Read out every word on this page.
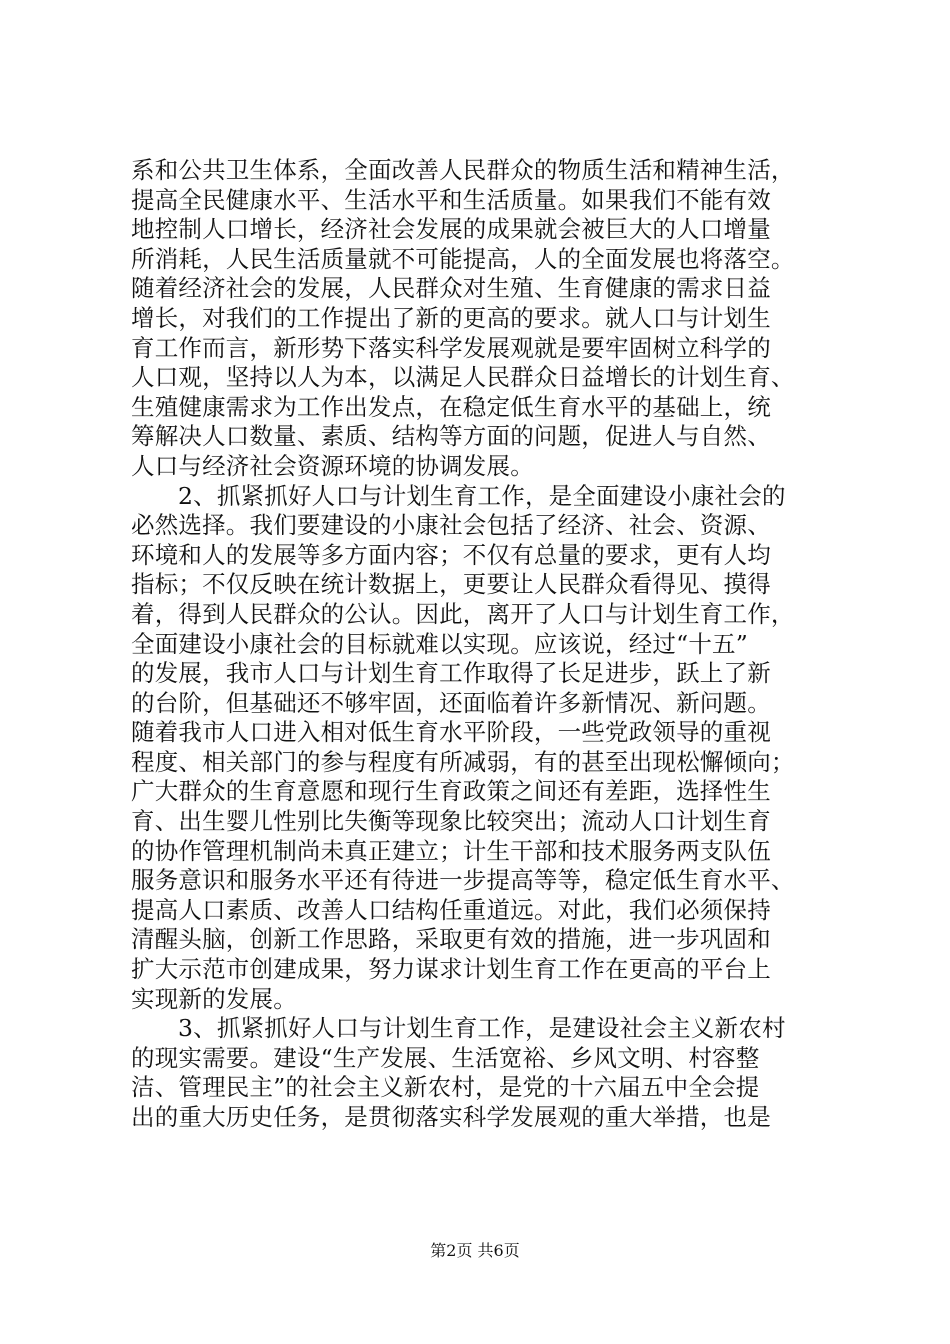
系和公共卫生体系，全面改善人民群众的物质生活和精神生活，
提高全民健康水平、生活水平和生活质量。如果我们不能有效
地控制人口增长，经济社会发展的成果就会被巨大的人口增量
所消耗，人民生活质量就不可能提高，人的全面发展也将落空。
随着经济社会的发展，人民群众对生殖、生育健康的需求日益
增长，对我们的工作提出了新的更高的要求。就人口与计划生
育工作而言，新形势下落实科学发展观就是要牢固树立科学的
人口观，坚持以人为本，以满足人民群众日益增长的计划生育、
生殖健康需求为工作出发点，在稳定低生育水平的基础上，统
筹解决人口数量、素质、结构等方面的问题，促进人与自然、
人口与经济社会资源环境的协调发展。
2、抓紧抓好人口与计划生育工作，是全面建设小康社会的
必然选择。我们要建设的小康社会包括了经济、社会、资源、
环境和人的发展等多方面内容；不仅有总量的要求，更有人均
指标；不仅反映在统计数据上，更要让人民群众看得见、摸得
着，得到人民群众的公认。因此，离开了人口与计划生育工作，
全面建设小康社会的目标就难以实现。应该说，经过“十五”
的发展，我市人口与计划生育工作取得了长足进步，跃上了新
的台阶，但基础还不够牢固，还面临着许多新情况、新问题。
随着我市人口进入相对低生育水平阶段，一些党政领导的重视
程度、相关部门的参与程度有所减弱，有的甚至出现松懈倾向；
广大群众的生育意愿和现行生育政策之间还有差距，选择性生
育、出生婴儿性别比失衡等现象比较突出；流动人口计划生育
的协作管理机制尚未真正建立；计生干部和技术服务两支队伍
服务意识和服务水平还有待进一步提高等等，稳定低生育水平、
提高人口素质、改善人口结构任重道远。对此，我们必须保持
清醒头脑，创新工作思路，采取更有效的措施，进一步巩固和
扩大示范市创建成果，努力谋求计划生育工作在更高的平台上
实现新的发展。
3、抓紧抓好人口与计划生育工作，是建设社会主义新农村
的现实需要。建设“生产发展、生活宽裕、乡风文明、村容整
洁、管理民主”的社会主义新农村，是党的十六届五中全会提
出的重大历史任务，是贯彻落实科学发展观的重大举措，也是
第2页 共6页
